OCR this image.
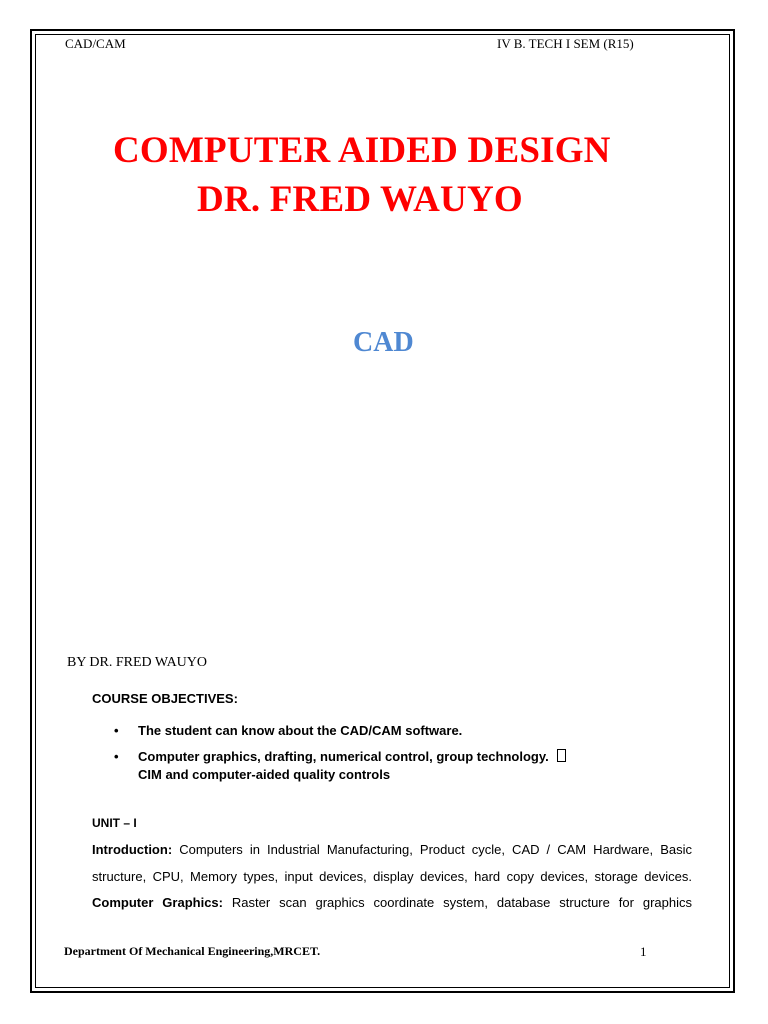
CAD/CAM	IV B. TECH I SEM (R15)
COMPUTER AIDED DESIGN
DR. FRED WAUYO
CAD
BY DR. FRED WAUYO
COURSE OBJECTIVES:
• The student can know about the CAD/CAM software.
• Computer graphics, drafting, numerical control, group technology.
CIM and computer-aided quality controls
UNIT – I
Introduction: Computers in Industrial Manufacturing, Product cycle, CAD / CAM Hardware, Basic
structure, CPU, Memory types, input devices, display devices, hard copy devices, storage devices.
Computer Graphics: Raster scan graphics coordinate system, database structure for graphics
Department Of Mechanical Engineering,MRCET.	1
